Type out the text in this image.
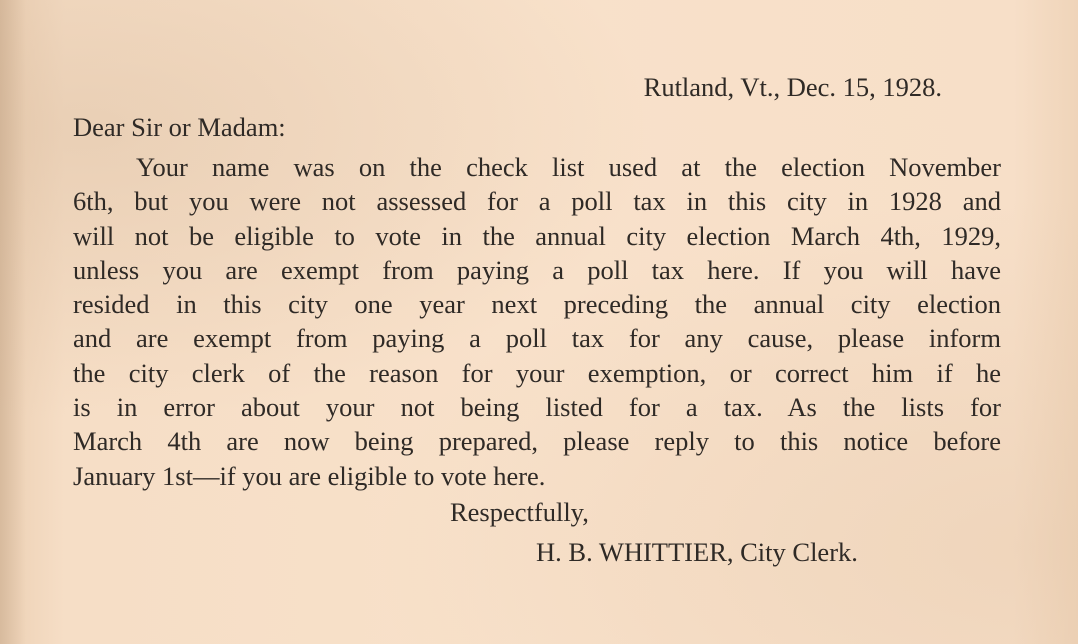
Rutland, Vt., Dec. 15, 1928.

Dear Sir or Madam:

Your name was on the check list used at the election November
6th, but you were not assessed for a poll tax in this city in 1928 and
will not be eligible to vote in the annual city election March 4th, 1929,
unless you are exempt from paying a poll tax here. If you will have
resided in this city one year next preceding the annual city election
and are exempt from paying a poll tax for any cause, please inform
the city clerk of the reason for your exemption, or correct him if he
is in error about your not being listed for a tax. As the lists for
March 4th are now being prepared, please reply to this notice before
January 1st—if you are eligible to vote here.

Respectfully,

H. B. WHITTIER, City Clerk.
